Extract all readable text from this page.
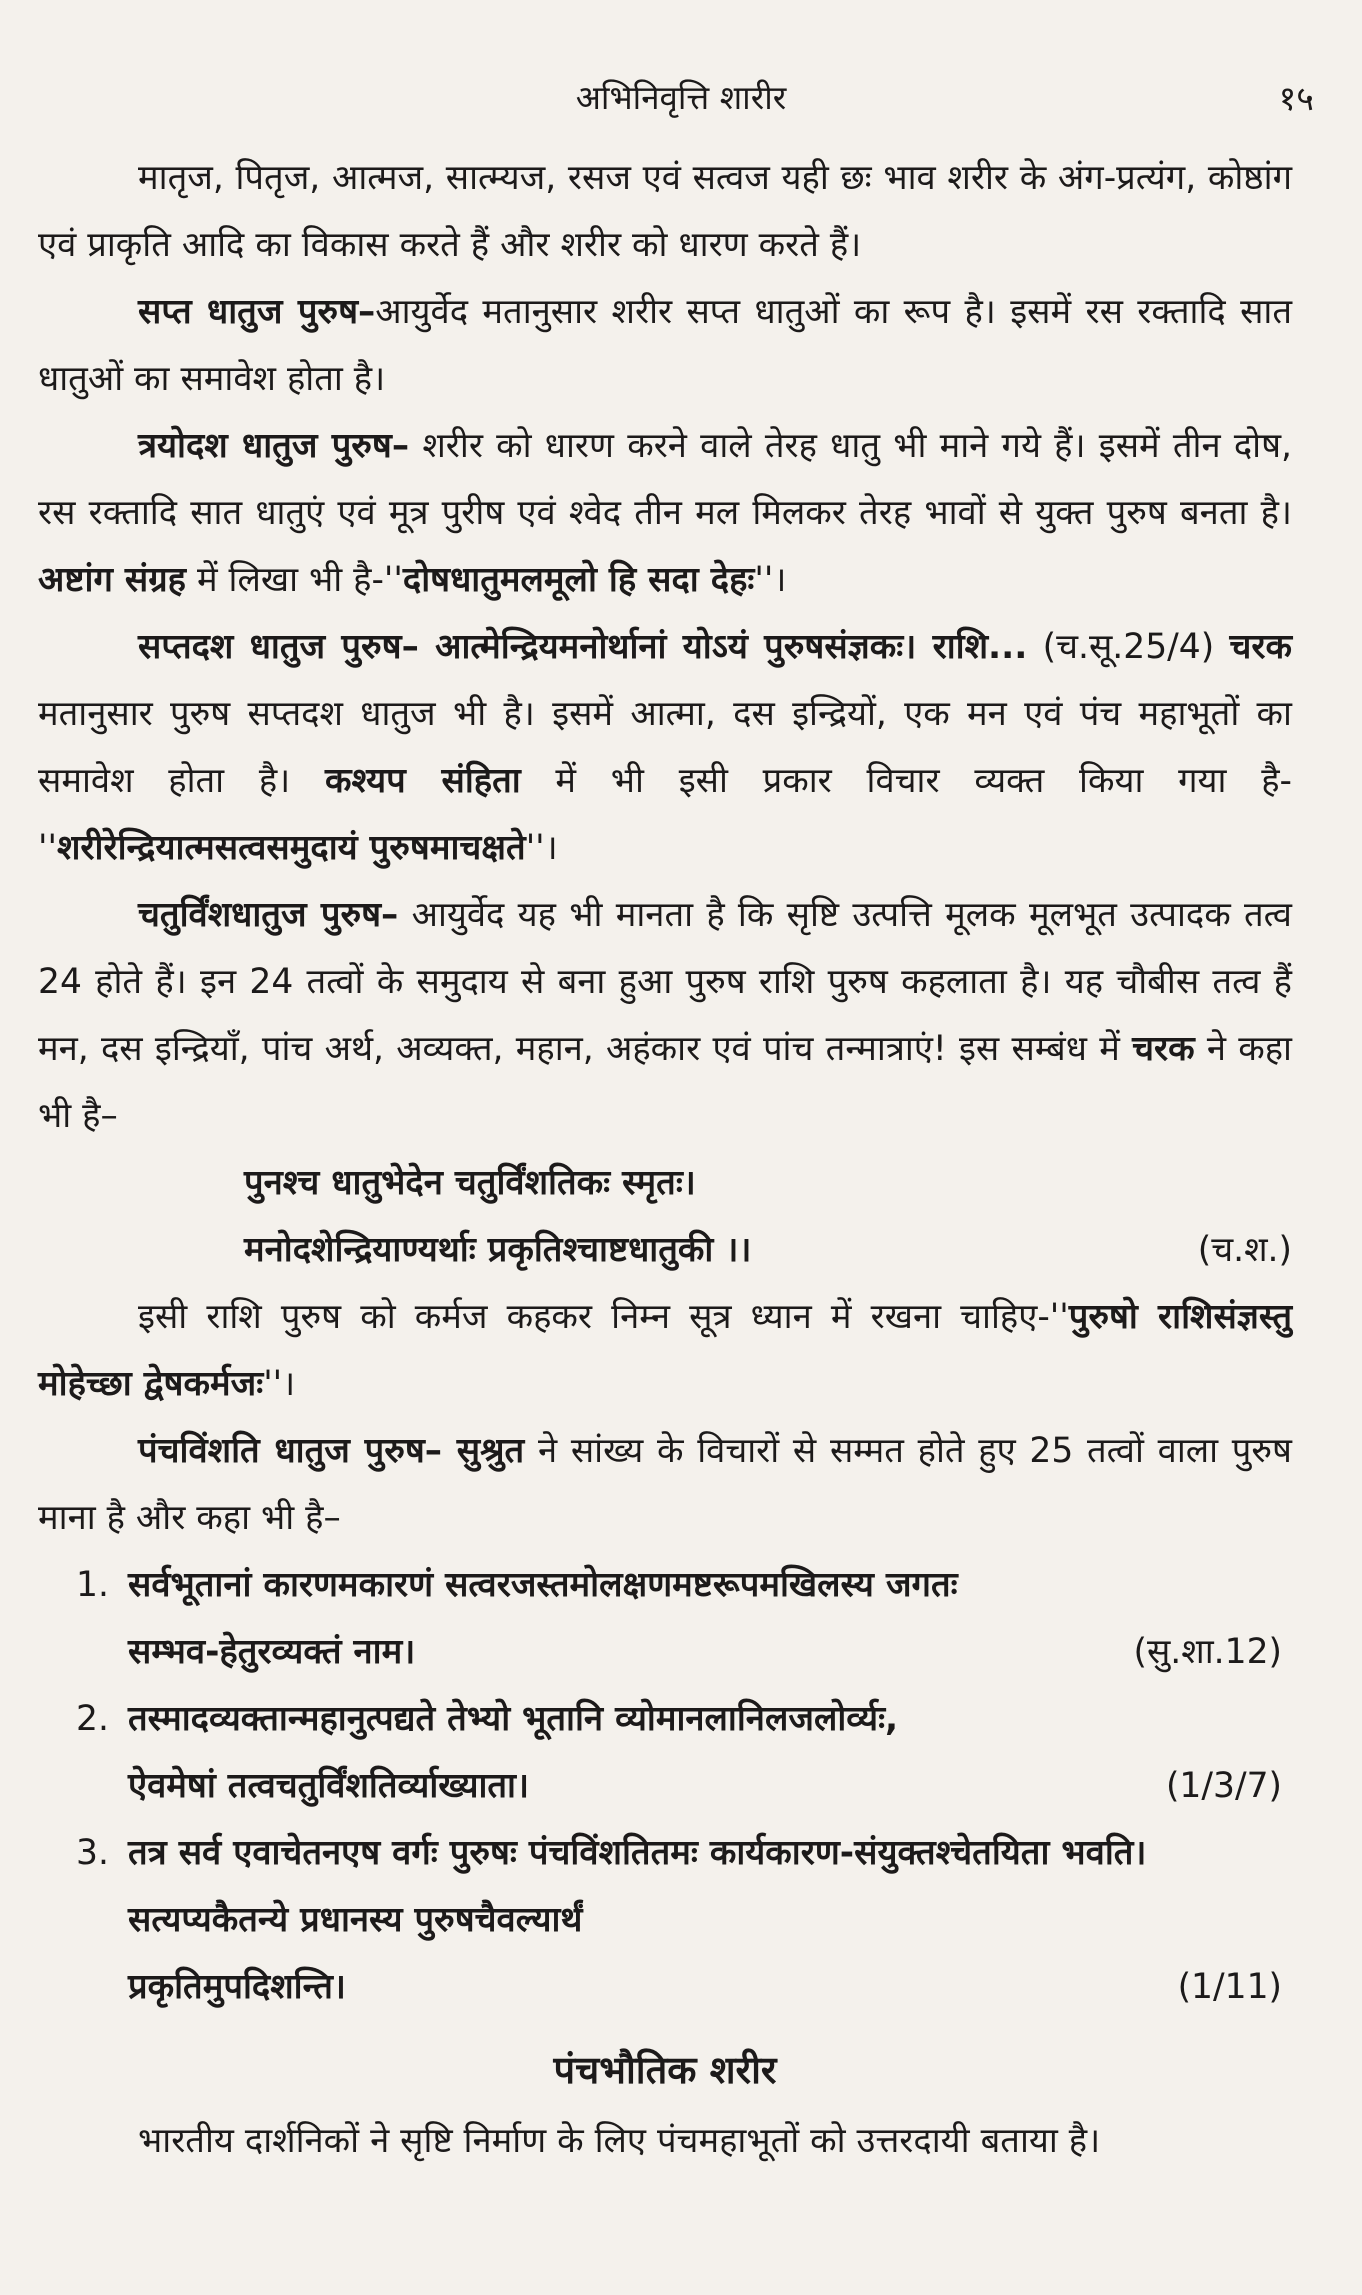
अभिनिवृत्ति शारीर	१५

मातृज, पितृज, आत्मज, सात्म्यज, रसज एवं सत्वज यही छः भाव शरीर के अंग-प्रत्यंग, कोष्ठांग एवं प्राकृति आदि का विकास करते हैं और शरीर को धारण करते हैं।

सप्त धातुज पुरुष–आयुर्वेद मतानुसार शरीर सप्त धातुओं का रूप है। इसमें रस रक्तादि सात धातुओं का समावेश होता है।

त्रयोदश धातुज पुरुष– शरीर को धारण करने वाले तेरह धातु भी माने गये हैं। इसमें तीन दोष, रस रक्तादि सात धातुएं एवं मूत्र पुरीष एवं श्वेद तीन मल मिलकर तेरह भावों से युक्त पुरुष बनता है। अष्टांग संग्रह में लिखा भी है-''दोषधातुमलमूलो हि सदा देहः''।

सप्तदश धातुज पुरुष– आत्मेन्द्रियमनोर्थानां योऽयं पुरुषसंज्ञकः। राशि... (च.सू.25/4) चरक मतानुसार पुरुष सप्तदश धातुज भी है। इसमें आत्मा, दस इन्द्रियों, एक मन एवं पंच महाभूतों का समावेश होता है। कश्यप संहिता में भी इसी प्रकार विचार व्यक्त किया गया है-''शरीरेन्द्रियात्मसत्वसमुदायं पुरुषमाचक्षते''।

चतुर्विंशधातुज पुरुष– आयुर्वेद यह भी मानता है कि सृष्टि उत्पत्ति मूलक मूलभूत उत्पादक तत्व 24 होते हैं। इन 24 तत्वों के समुदाय से बना हुआ पुरुष राशि पुरुष कहलाता है। यह चौबीस तत्व हैं मन, दस इन्द्रियाँ, पांच अर्थ, अव्यक्त, महान, अहंकार एवं पांच तन्मात्राएं! इस सम्बंध में चरक ने कहा भी है–

पुनश्च धातुभेदेन चतुर्विंशतिकः स्मृतः।
मनोदशेन्द्रियाण्यर्थाः प्रकृतिश्चाष्टधातुकी ।।	(च.श.)

इसी राशि पुरुष को कर्मज कहकर निम्न सूत्र ध्यान में रखना चाहिए-''पुरुषो राशिसंज्ञस्तु मोहेच्छा द्वेषकर्मजः''।

पंचविंशति धातुज पुरुष– सुश्रुत ने सांख्य के विचारों से सम्मत होते हुए 25 तत्वों वाला पुरुष माना है और कहा भी है–

1. सर्वभूतानां कारणमकारणं सत्वरजस्तमोलक्षणमष्टरूपमखिलस्य जगतः
सम्भव-हेतुरव्यक्तं नाम।	(सु.शा.12)
2. तस्मादव्यक्तान्महानुत्पद्यते तेभ्यो भूतानि व्योमानलानिलजलोर्व्यः,
ऐवमेषां तत्वचतुर्विंशतिर्व्याख्याता।	(1/3/7)
3. तत्र सर्व एवाचेतनएष वर्गः पुरुषः पंचविंशतितमः कार्यकारण-संयुक्तश्चेतयिता भवति। सत्यप्यकैतन्ये प्रधानस्य पुरुषचैवल्यार्थं
प्रकृतिमुपदिशन्ति।	(1/11)
पंचभौतिक शरीर

भारतीय दार्शनिकों ने सृष्टि निर्माण के लिए पंचमहाभूतों को उत्तरदायी बताया है।
